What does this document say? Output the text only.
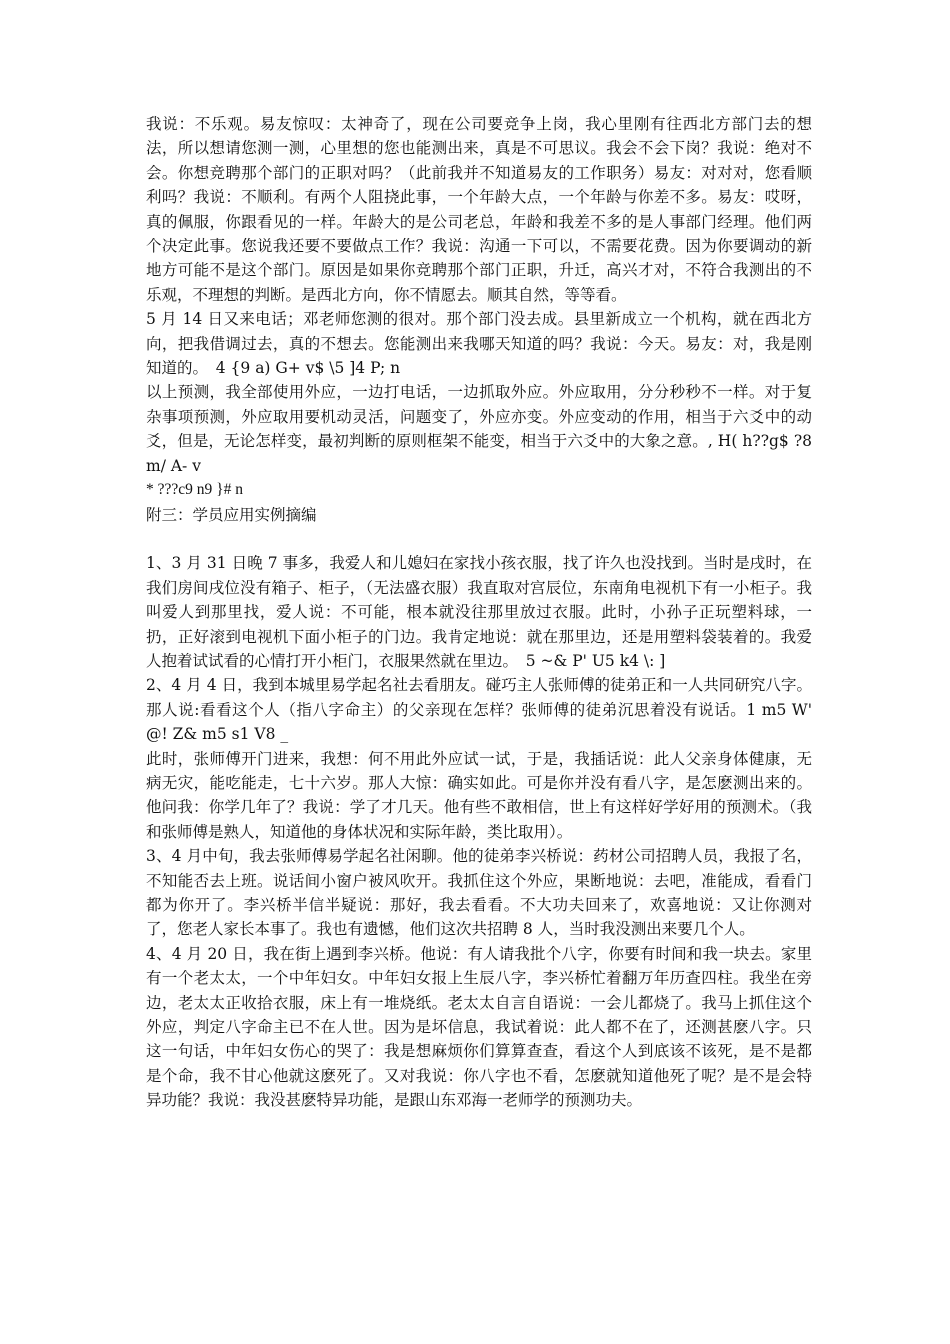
我说：不乐观。易友惊叹：太神奇了，现在公司要竞争上岗，我心里刚有往西北方部门去的想法，所以想请您测一测，心里想的您也能测出来，真是不可思议。我会不会下岗？我说：绝对不会。你想竞聘那个部门的正职对吗？（此前我并不知道易友的工作职务）易友：对对对，您看顺利吗？我说：不顺利。有两个人阻挠此事，一个年龄大点，一个年龄与你差不多。易友：哎呀，真的佩服，你跟看见的一样。年龄大的是公司老总，年龄和我差不多的是人事部门经理。他们两个决定此事。您说我还要不要做点工作？我说：沟通一下可以，不需要花费。因为你要调动的新地方可能不是这个部门。原因是如果你竞聘那个部门正职，升迁，高兴才对，不符合我测出的不乐观，不理想的判断。是西北方向，你不情愿去。顺其自然，等等看。

5 月 14 日又来电话；邓老师您测的很对。那个部门没去成。县里新成立一个机构，就在西北方向，把我借调过去，真的不想去。您能测出来我哪天知道的吗？我说：今天。易友：对，我是刚知道的。　4 {9 a) G+ v$ \5 ]4 P; n

以上预测，我全部使用外应，一边打电话，一边抓取外应。外应取用，分分秒秒不一样。对于复杂事项预测，外应取用要机动灵活，问题变了，外应亦变。外应变动的作用，相当于六爻中的动爻，但是，无论怎样变，最初判断的原则框架不能变，相当于六爻中的大象之意。, H( h??g$ ?8 m/ A- v

* ???c9 n9 }# n

附三：学员应用实例摘编

1、3 月 31 日晚 7 事多，我爱人和儿媳妇在家找小孩衣服，找了许久也没找到。当时是戌时，在我们房间戌位没有箱子、柜子，（无法盛衣服）我直取对宫辰位，东南角电视机下有一小柜子。我叫爱人到那里找，爱人说：不可能，根本就没往那里放过衣服。此时，小孙子正玩塑料球，一扔，正好滚到电视机下面小柜子的门边。我肯定地说：就在那里边，还是用塑料袋装着的。我爱人抱着试试看的心情打开小柜门，衣服果然就在里边。　5 ~& P' U5 k4 \: ]

2、4 月 4 日，我到本城里易学起名社去看朋友。碰巧主人张师傅的徒弟正和一人共同研究八字。那人说:看看这个人（指八字命主）的父亲现在怎样？张师傅的徒弟沉思着没有说话。1 m5 W' @! Z& m5 s1 V8 _

此时，张师傅开门进来，我想：何不用此外应试一试，于是，我插话说：此人父亲身体健康，无病无灾，能吃能走，七十六岁。那人大惊：确实如此。可是你并没有看八字，是怎麽测出来的。他问我：你学几年了？我说：学了才几天。他有些不敢相信，世上有这样好学好用的预测术。（我和张师傅是熟人，知道他的身体状况和实际年龄，类比取用）。

3、4 月中旬，我去张师傅易学起名社闲聊。他的徒弟李兴桥说：药材公司招聘人员，我报了名，不知能否去上班。说话间小窗户被风吹开。我抓住这个外应，果断地说：去吧，准能成，看看门都为你开了。李兴桥半信半疑说：那好，我去看看。不大功夫回来了，欢喜地说：又让你测对了，您老人家长本事了。我也有遗憾，他们这次共招聘 8 人，当时我没测出来要几个人。

4、4 月 20 日，我在街上遇到李兴桥。他说：有人请我批个八字，你要有时间和我一块去。家里有一个老太太，一个中年妇女。中年妇女报上生辰八字，李兴桥忙着翻万年历查四柱。我坐在旁边，老太太正收拾衣服，床上有一堆烧纸。老太太自言自语说：一会儿都烧了。我马上抓住这个外应，判定八字命主已不在人世。因为是坏信息，我试着说：此人都不在了，还测甚麽八字。只这一句话，中年妇女伤心的哭了：我是想麻烦你们算算查查，看这个人到底该不该死，是不是都是个命，我不甘心他就这麽死了。又对我说：你八字也不看，怎麽就知道他死了呢？是不是会特异功能？我说：我没甚麽特异功能，是跟山东邓海一老师学的预测功夫。
